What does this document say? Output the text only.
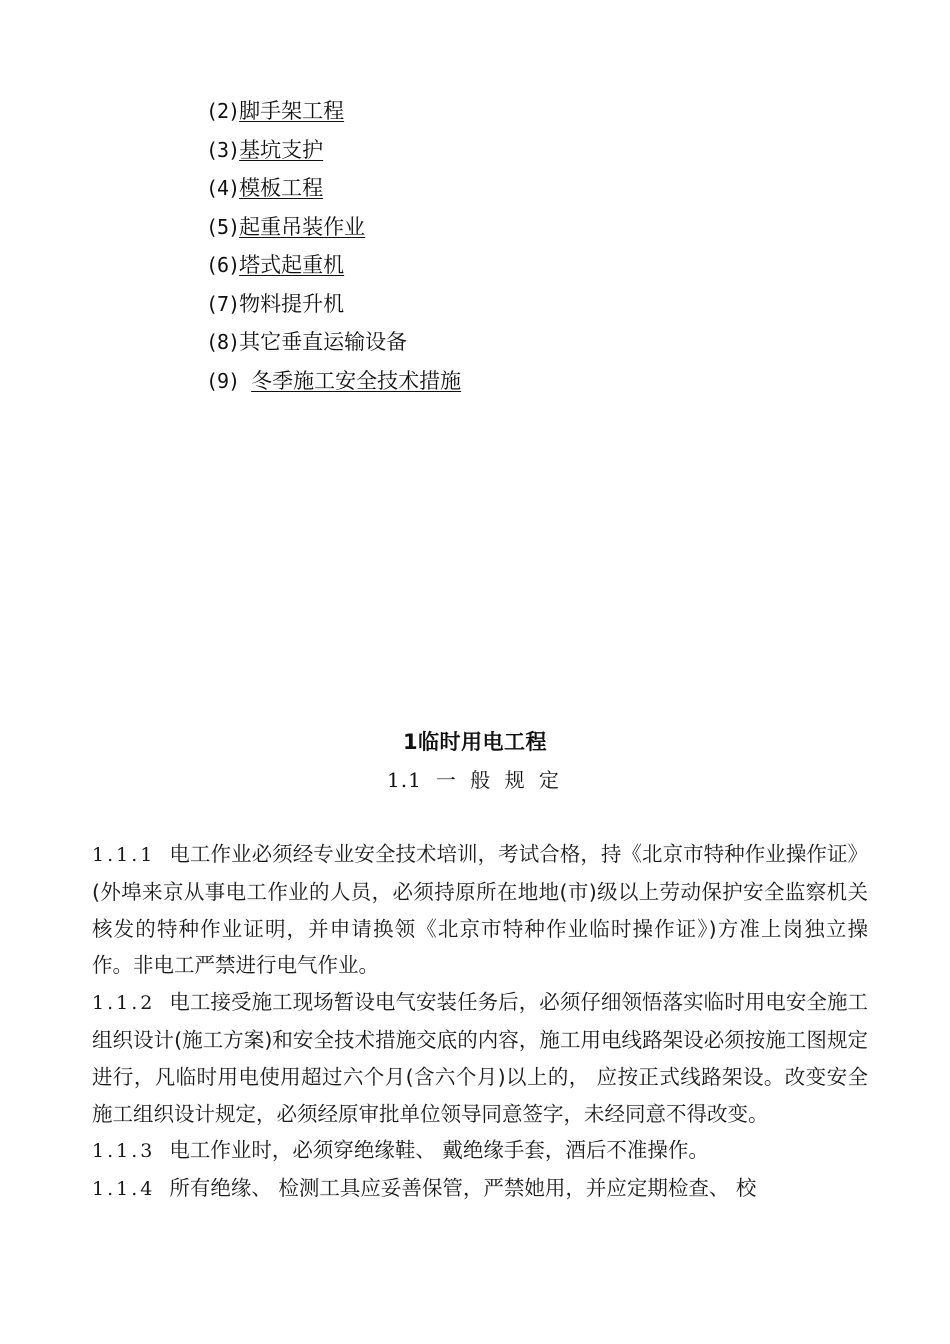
(2)脚手架工程
(3)基坑支护
(4)模板工程
(5)起重吊装作业
(6)塔式起重机
(7)物料提升机
(8)其它垂直运输设备
(9) 冬季施工安全技术措施
1临时用电工程
1.1 一 般 规 定

1.1.1 电工作业必须经专业安全技术培训，考试合格，持《北京市特种作业操作证》(外埠来京从事电工作业的人员，必须持原所在地地(市)级以上劳动保护安全监察机关核发的特种作业证明，并申请换领《北京市特种作业临时操作证》)方准上岗独立操作。非电工严禁进行电气作业。

1.1.2 电工接受施工现场暂设电气安装任务后，必须仔细领悟落实临时用电安全施工组织设计(施工方案)和安全技术措施交底的内容，施工用电线路架设必须按施工图规定进行，凡临时用电使用超过六个月(含六个月)以上的， 应按正式线路架设。改变安全施工组织设计规定，必须经原审批单位领导同意签字，未经同意不得改变。

1.1.3 电工作业时，必须穿绝缘鞋、 戴绝缘手套，酒后不准操作。

1.1.4 所有绝缘、 检测工具应妥善保管，严禁她用，并应定期检查、 校
